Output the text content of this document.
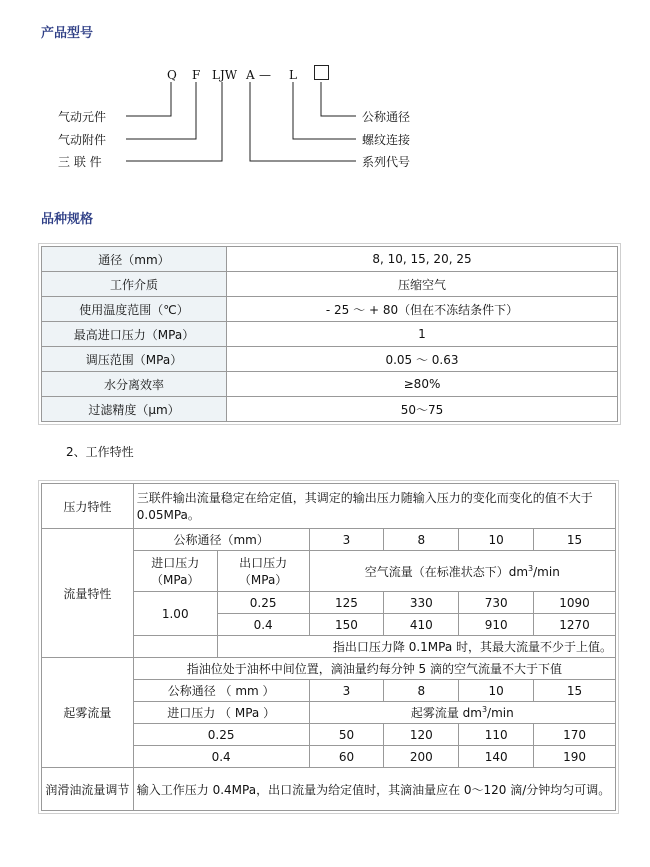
产品型号
Q F LJW A — L
气动元件
气动附件
三 联 件
公称通径
螺纹连接
系列代号
品种规格
通径（mm）	8, 10, 15, 20, 25
工作介质	压缩空气
使用温度范围（℃）	- 25 ～ + 80（但在不冻结条件下）
最高进口压力（MPa）	1
调压范围（MPa）	0.05 ～ 0.63
水分离效率	≥80%
过滤精度（μm）	50～75
2、工作特性
压力特性	三联件输出流量稳定在给定值，其调定的输出压力随输入压力的变化而变化的值不大于 0.05MPa。					
流量特性	公称通径（mm）		3	8	10	15
	进口压力（MPa）	出口压力（MPa）	空气流量（在标准状态下）$dm^3/\min$			
	1.00	0.25	125	330	730	1090
		0.4	150	410	910	1270
		指出口压力降 0.1MPa 时，其最大流量不少于上值。				
起雾流量	指油位处于油杯中间位置，滴油量约每分钟 5 滴的空气流量不大于下值					
	公称通径 （ mm ）		3	8	10	15
	进口压力 （ MPa ）		起雾流量 $dm^3/\min$			
	0.25		50	120	110	170
	0.4		60	200	140	190
润滑油流量调节	输入工作压力 0.4MPa，出口流量为给定值时，其滴油量应在 0～120 滴/分钟均匀可调。					
